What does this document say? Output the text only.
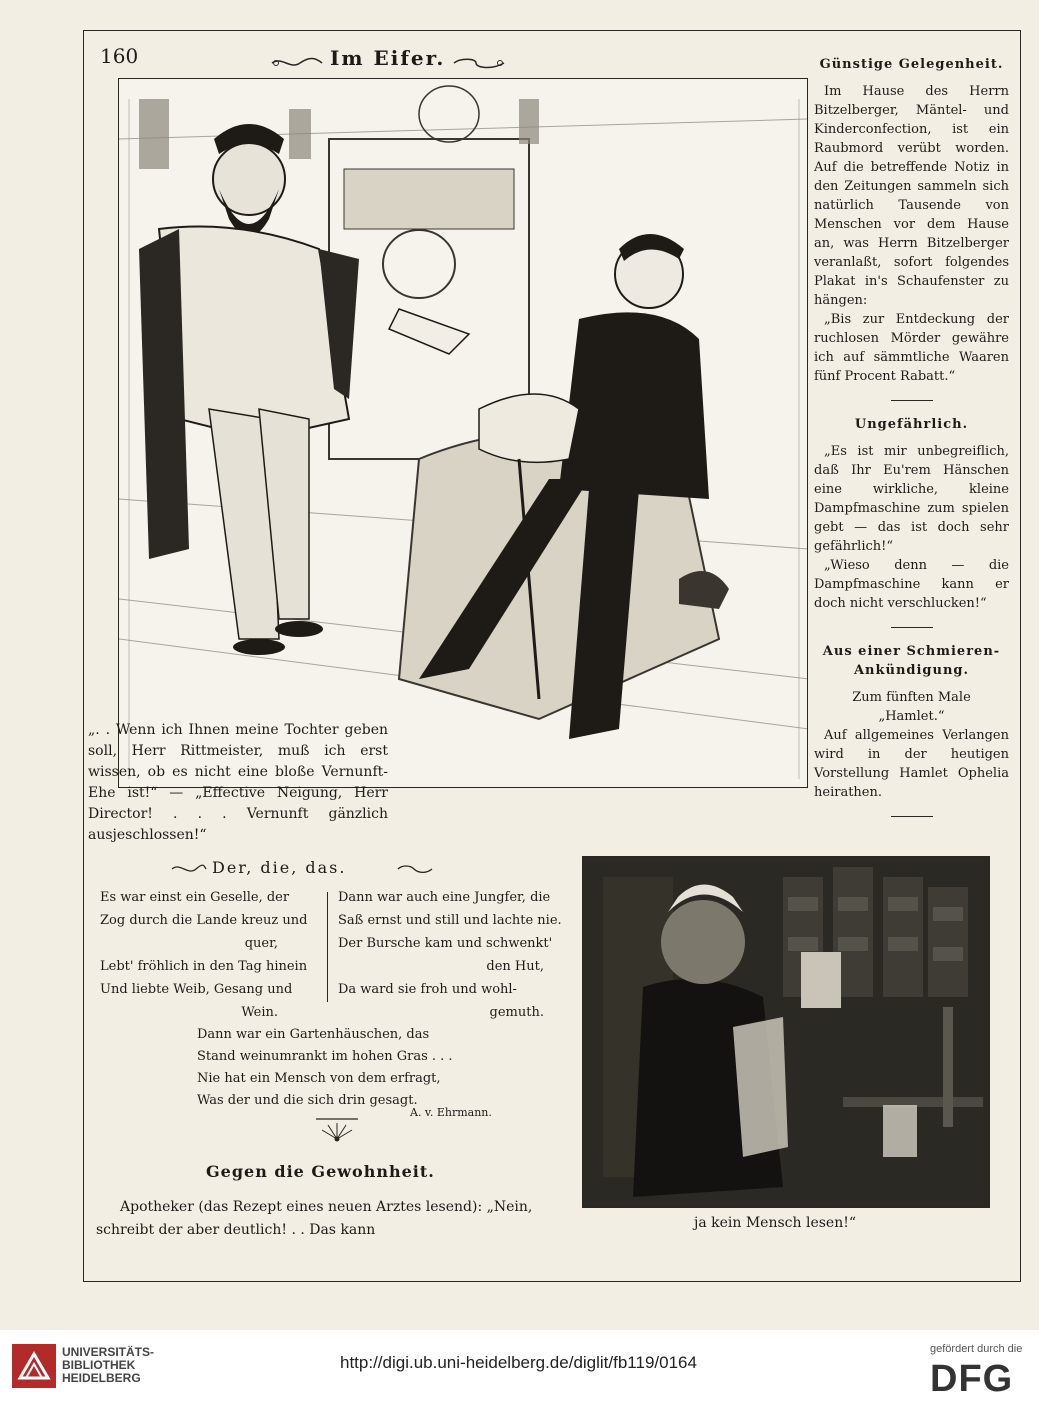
160	Im Eifer.

„. . Wenn ich Ihnen meine Tochter geben soll, Herr Rittmeister, muß ich erst wissen, ob es nicht eine bloße Vernunft-Ehe ist!“ — „Effective Neigung, Herr Director! . . . Vernunft gänzlich ausjeschlossen!“

Günstige Gelegenheit.

Im Hause des Herrn Bitzelberger, Mäntel- und Kinderconfection, ist ein Raubmord verübt worden. Auf die betreffende Notiz in den Zeitungen sammeln sich natürlich Tausende von Menschen vor dem Hause an, was Herrn Bitzelberger veranlaßt, sofort folgendes Plakat in's Schaufenster zu hängen:

„Bis zur Entdeckung der ruchlosen Mörder gewähre ich auf sämmtliche Waaren fünf Procent Rabatt.“

Ungefährlich.

„Es ist mir unbegreiflich, daß Ihr Eu'rem Hänschen eine wirkliche, kleine Dampfmaschine zum spielen gebt — das ist doch sehr gefährlich!“

„Wieso denn — die Dampfmaschine kann er doch nicht verschlucken!“

Aus einer Schmieren-
Ankündigung.

Zum fünften Male

„Hamlet.“

Auf allgemeines Verlangen wird in der heutigen Vorstellung Hamlet Ophelia heirathen.

Der, die, das.
Es war einst ein Geselle, der
Zog durch die Lande kreuz und
quer,
Lebt' fröhlich in den Tag hinein
Und liebte Weib, Gesang und
Wein.
Dann war auch eine Jungfer, die
Saß ernst und still und lachte nie.
Der Bursche kam und schwenkt'
den Hut,
Da ward sie froh und wohl-
gemuth.
Dann war ein Gartenhäuschen, das
Stand weinumrankt im hohen Gras . . .
Nie hat ein Mensch von dem erfragt,
Was der und die sich drin gesagt.
A. v. Ehrmann.
Gegen die Gewohnheit.
Apotheker (das Rezept eines neuen Arztes lesend): „Nein,
schreibt der aber deutlich! . . Das kann	ja kein Mensch lesen!“
UNIVERSITÄTS-
BIBLIOTHEK
HEIDELBERG
http://digi.ub.uni-heidelberg.de/diglit/fb119/0164
gefördert durch die
DFG
